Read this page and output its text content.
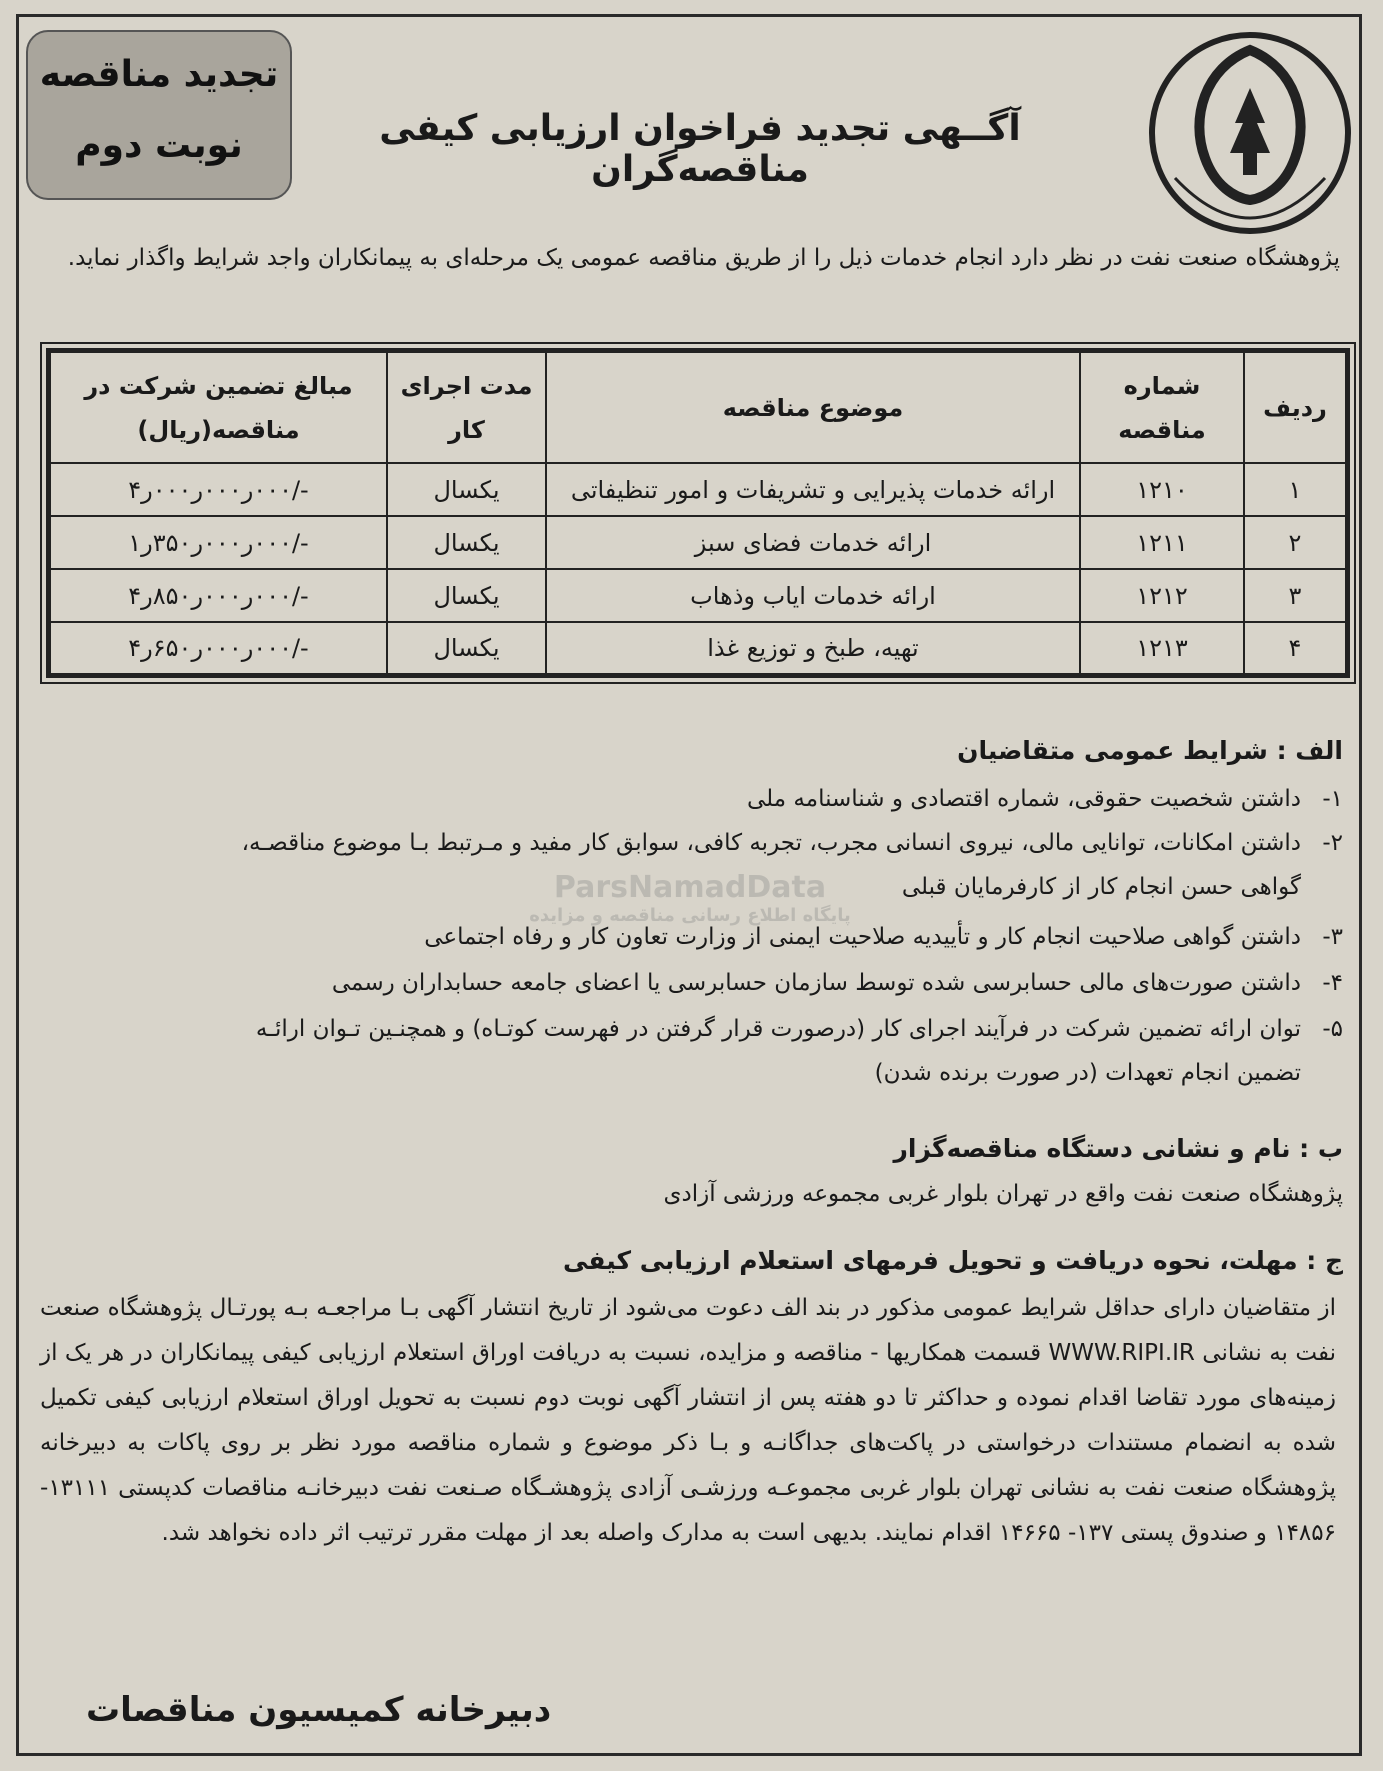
تجدید مناقصه
نوبت دوم	آگــهی تجدید فراخوان ارزیابی کیفی مناقصه‌گران
پژوهشگاه صنعت نفت در نظر دارد انجام خدمات ذیل را از طریق مناقصه عمومی یک مرحله‌ای به پیمانکاران واجد شرایط واگذار نماید.
ردیف	شماره مناقصه	موضوع مناقصه	مدت اجرای کار	مبالغ تضمین شرکت در مناقصه(ریال)
۱	۱۲۱۰	ارائه خدمات پذیرایی و تشریفات و امور تنظیفاتی	یکسال	-/۰۰۰ر۰۰۰ر۰۰۰ر۴
۲	۱۲۱۱	ارائه خدمات فضای سبز	یکسال	-/۰۰۰ر۰۰۰ر۳۵۰ر۱
۳	۱۲۱۲	ارائه خدمات ایاب وذهاب	یکسال	-/۰۰۰ر۰۰۰ر۸۵۰ر۴
۴	۱۲۱۳	تهیه، طبخ و توزیع غذا	یکسال	-/۰۰۰ر۰۰۰ر۶۵۰ر۴
ParsNamadData
پایگاه اطلاع رسانی مناقصه و مزایده
الف : شرایط عمومی متقاضیان
۱-داشتن شخصیت حقوقی، شماره اقتصادی و شناسنامه ملی
۲-داشتن امکانات، توانایی مالی، نیروی انسانی مجرب، تجربه کافی، سوابق کار مفید و مـرتبط بـا موضوع مناقصـه،
گواهی حسن انجام کار از کارفرمایان قبلی
۳-داشتن گواهی صلاحیت انجام کار و تأییدیه صلاحیت ایمنی از وزارت تعاون کار و رفاه اجتماعی
۴-داشتن صورت‌های مالی حسابرسی شده توسط سازمان حسابرسی یا اعضای جامعه حسابداران رسمی
۵-توان ارائه تضمین شرکت در فرآیند اجرای کار (درصورت قرار گرفتن در فهرست کوتـاه) و همچنـین تـوان ارائـه
تضمین انجام تعهدات (در صورت برنده شدن)
ب : نام و نشانی دستگاه مناقصه‌گزار
پژوهشگاه صنعت نفت واقع در تهران بلوار غربی مجموعه ورزشی آزادی
ج : مهلت، نحوه دریافت و تحویل فرمهای استعلام ارزیابی کیفی
از متقاضیان دارای حداقل شرایط عمومی مذکور در بند الف دعوت می‌شود از تاریخ انتشار آگهی بـا مراجعـه بـه پورتـال پژوهشگاه صنعت نفت به نشانی WWW.RIPI.IR قسمت همکاریها - مناقصه و مزایده، نسبت به دریافت اوراق استعلام ارزیابی کیفی پیمانکاران در هر یک از زمینه‌های مورد تقاضا اقدام نموده و حداکثر تا دو هفته پس از انتشار آگهی نوبت دوم نسبت به تحویل اوراق استعلام ارزیابی کیفی تکمیل شده به انضمام مستندات درخواستی در پاکت‌های جداگانـه و بـا ذکر موضوع و شماره مناقصه مورد نظر بر روی پاکات به دبیرخانه پژوهشگاه صنعت نفت به نشانی تهران بلوار غربی مجموعـه ورزشـی آزادی پژوهشـگاه صـنعت نفت دبیرخانـه مناقصات کدپستی ۱۳۱۱۱- ۱۴۸۵۶ و صندوق پستی ۱۳۷- ۱۴۶۶۵ اقدام نمایند. بدیهی است به مدارک واصله بعد از مهلت مقرر ترتیب اثر داده نخواهد شد.
دبیرخانه کمیسیون مناقصات
